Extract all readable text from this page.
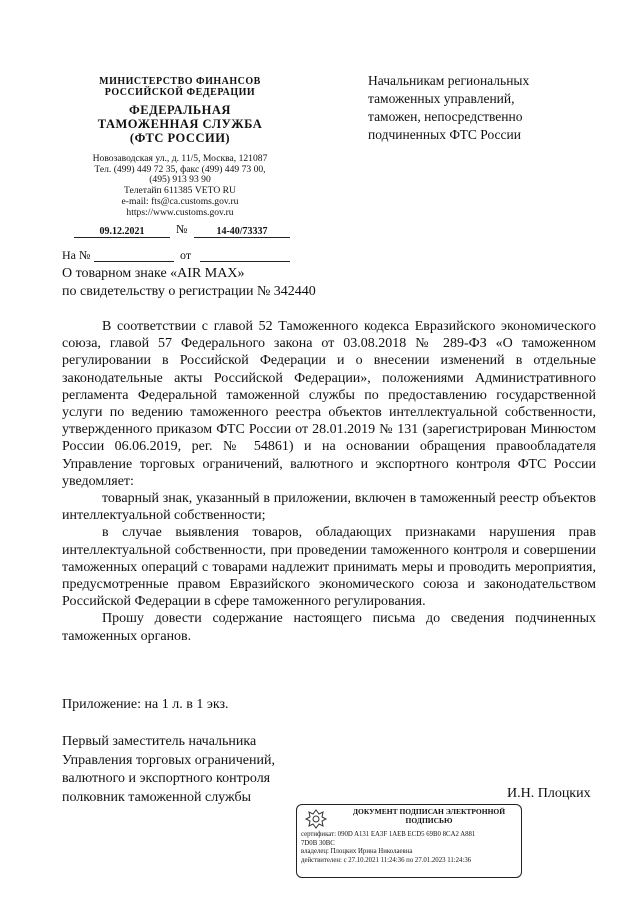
МИНИСТЕРСТВО ФИНАНСОВ
РОССИЙСКОЙ ФЕДЕРАЦИИ
ФЕДЕРАЛЬНАЯ
ТАМОЖЕННАЯ СЛУЖБА
(ФТС РОССИИ)
Новозаводская ул., д. 11/5, Москва, 121087
Тел. (499) 449 72 35, факс (499) 449 73 00,
(495) 913 93 90
Телетайп 611385 VETO RU
e-mail: fts@ca.customs.gov.ru
https://www.customs.gov.ru
09.12.2021	№	14-40/73337
На №	от
Начальникам региональных
таможенных управлений,
таможен, непосредственно
подчиненных ФТС России
О товарном знаке «AIR MAX»
по свидетельству о регистрации № 342440

В соответствии с главой 52 Таможенного кодекса Евразийского экономического союза, главой 57 Федерального закона от 03.08.2018 № 289-ФЗ «О таможенном регулировании в Российской Федерации и о внесении изменений в отдельные законодательные акты Российской Федерации», положениями Административного регламента Федеральной таможенной службы по предоставлению государственной услуги по ведению таможенного реестра объектов интеллектуальной собственности, утвержденного приказом ФТС России от 28.01.2019 № 131 (зарегистрирован Минюстом России 06.06.2019, рег. № 54861) и на основании обращения правообладателя Управление торговых ограничений, валютного и экспортного контроля ФТС России уведомляет:

товарный знак, указанный в приложении, включен в таможенный реестр объектов интеллектуальной собственности;

в случае выявления товаров, обладающих признаками нарушения прав интеллектуальной собственности, при проведении таможенного контроля и совершении таможенных операций с товарами надлежит принимать меры и проводить мероприятия, предусмотренные правом Евразийского экономического союза и законодательством Российской Федерации в сфере таможенного регулирования.

Прошу довести содержание настоящего письма до сведения подчиненных таможенных органов.

Приложение: на 1 л. в 1 экз.
Первый заместитель начальника
Управления торговых ограничений,
валютного и экспортного контроля
полковник таможенной службы	И.Н. Плоцких
ДОКУМЕНТ ПОДПИСАН ЭЛЕКТРОННОЙ
ПОДПИСЬЮ
сертификат: 090D A131 EA3F 1AEB ECD5 69B0 8CA2 A881
7D0B 30BC
владелец: Плоцких Ирина Николаевна
действителен: с 27.10.2021 11:24:36 по 27.01.2023 11:24:36
